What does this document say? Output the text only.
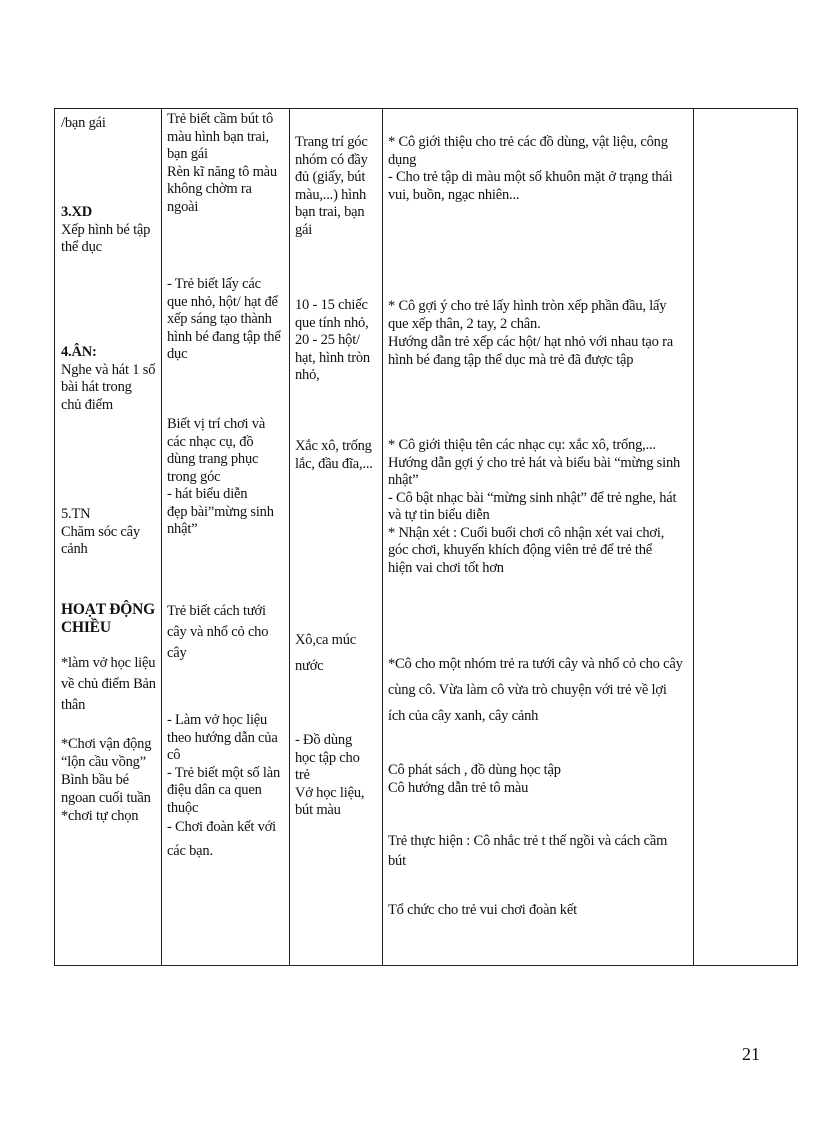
/bạn gái

3.XD

Xếp hình bé tập

thể dục

4.ÂN:

Nghe và hát 1 số

bài hát trong

chủ điểm

5.TN

Chăm sóc cây

cảnh

HOẠT ĐỘNG

CHIỀU

*làm vở học liệu

về chủ điểm Bản

thân

*Chơi vận động

“lộn cầu vồng”

Bình bầu bé

ngoan cuối tuần

*chơi tự chọn

Trẻ biết cầm bút tô

màu hình bạn trai,

bạn gái

Rèn kĩ năng tô màu

không chờm ra

ngoài

- Trẻ biết lấy các

que nhỏ, hột/ hạt để

xếp sáng tạo thành

hình bé đang tập thể

dục

Biết vị trí chơi và

các nhạc cụ, đồ

dùng trang phục

trong góc

- hát biểu diễn

đẹp bài”mừng sinh

nhật”

Trẻ biết cách tưới

cây và nhổ cỏ cho

cây

- Làm vở học liệu

theo hướng dẫn của

cô

- Trẻ biết một số làn

điệu dân ca quen

thuộc

- Chơi đoàn kết với

các bạn.

Trang trí góc

nhóm có đầy

đủ (giấy, bút

màu,...) hình

bạn trai, bạn

gái

10 - 15 chiếc

que tính nhỏ,

20 - 25 hột/

hạt, hình tròn

nhỏ,

Xắc xô, trống

lắc, đầu đĩa,...

Xô,ca múc

nước

- Đồ dùng

học tập cho

trẻ

Vở học liệu,

bút màu

* Cô giới thiệu cho trẻ các đồ dùng, vật liệu, công

dụng

- Cho trẻ tập di màu một số khuôn mặt ở trạng thái

vui, buồn, ngạc nhiên...

* Cô gợi ý cho trẻ lấy hình tròn xếp phần đầu, lấy

que xếp thân, 2 tay, 2 chân.

Hướng dẫn trẻ xếp các hột/ hạt nhỏ với nhau tạo ra

hình bé đang tập thể dục mà trẻ đã được tập

* Cô giới thiệu tên các nhạc cụ: xắc xô, trống,...

Hướng dẫn gợi ý cho trẻ hát và biểu bài “mừng sinh

nhật”

- Cô bật nhạc bài “mừng sinh nhật” để trẻ nghe, hát

và tự tin biểu diễn

* Nhận xét : Cuối buổi chơi cô nhận xét vai chơi,

góc chơi, khuyến khích động viên trẻ để trẻ thể

hiện vai chơi tốt hơn

*Cô cho một nhóm trẻ ra tưới cây và nhổ cỏ cho cây

cùng cô. Vừa làm cô vừa trò chuyện với trẻ về lợi

ích của cây xanh, cây cảnh

Cô phát sách , đồ dùng học tập

Cô hướng dẫn trẻ tô màu

Trẻ thực hiện : Cô nhắc trẻ t thế ngồi và cách cầm

bút

Tổ chức cho trẻ vui chơi đoàn kết

21
